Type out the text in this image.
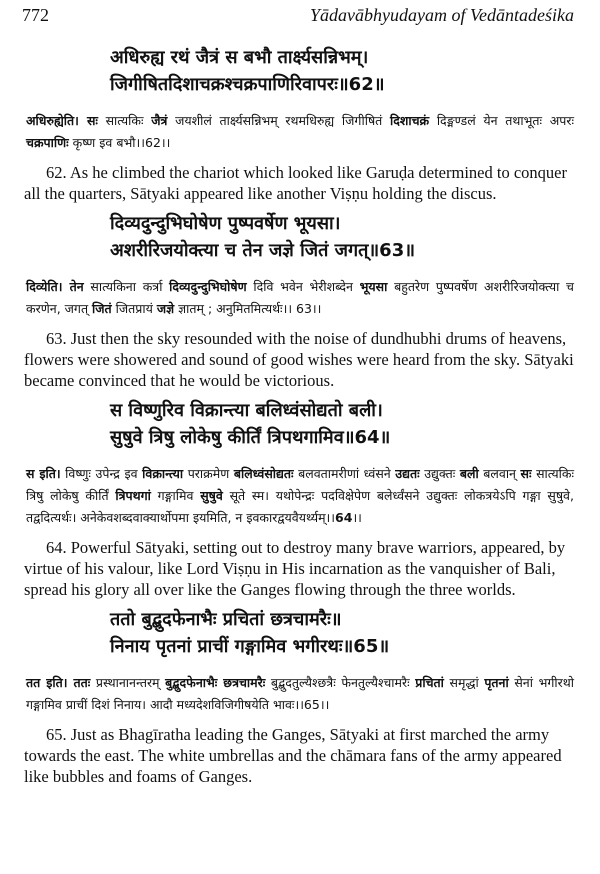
772	Yādavābhyudayam of Vedāntadeśika
अधिरुह्य रथं जैत्रं स बभौ तार्क्ष्यसन्निभम्।
जिगीषितदिशाचक्रश्चक्रपाणिरिवापरः॥62॥

अधिरुह्येति। सः सात्यकिः जैत्रं जयशीलं तार्क्ष्यसन्निभम् रथमधिरुह्य जिगीषितं दिशाचक्रं दिङ्मण्डलं येन तथाभूतः अपरः चक्रपाणिः कृष्ण इव बभौ।।62।।

62. As he climbed the chariot which looked like Garuḍa determined to conquer all the quarters, Sātyaki appeared like another Viṣṇu holding the discus.

दिव्यदुन्दुभिघोषेण पुष्पवर्षेण भूयसा।
अशरीरिजयोक्त्या च तेन जज्ञे जितं जगत्॥63॥

दिव्येति। तेन सात्यकिना कर्त्रा दिव्यदुन्दुभिघोषेण दिवि भवेन भेरीशब्देन भूयसा बहुतरेण पुष्पवर्षेण अशरीरिजयोक्त्या च करणेन, जगत् जितं जितप्रायं जज्ञे ज्ञातम् ; अनुमितमित्यर्थः।। 63।।

63. Just then the sky resounded with the noise of dundhubhi drums of heavens, flowers were showered and sound of good wishes were heard from the sky. Sātyaki became convinced that he would be victorious.

स विष्णुरिव विक्रान्त्या बलिध्वंसोद्यतो बली।
सुषुवे त्रिषु लोकेषु कीर्तिं त्रिपथगामिव॥64॥

स इति। विष्णुः उपेन्द्र इव विक्रान्त्या पराक्रमेण बलिध्वंसोद्यतः बलवतामरीणां ध्वंसने उद्यतः उद्युक्तः बली बलवान् सः सात्यकिः त्रिषु लोकेषु कीर्तिं त्रिपथगां गङ्गामिव सुषुवे सूते स्म। यथोपेन्द्रः पदविक्षेपेण बलेर्ध्वंसने उद्युक्तः लोकत्रयेऽपि गङ्गा सुषुवे, तद्वदित्यर्थः। अनेकेवशब्दवाक्यार्थोपमा इयमिति, न इवकारद्वयवैयर्थ्यम्।।64।।

64. Powerful Sātyaki, setting out to destroy many brave warriors, appeared, by virtue of his valour, like Lord Viṣṇu in His incarnation as the vanquisher of Bali, spread his glory all over like the Ganges flowing through the three worlds.

ततो बुद्बुदफेनाभैः प्रचितां छत्रचामरैः॥
निनाय पृतनां प्राचीं गङ्गामिव भगीरथः॥65॥

तत इति। ततः प्रस्थानानन्तरम् बुद्बुदफेनाभैः छत्रचामरैः बुद्बुदतुल्यैश्छत्रैः फेनतुल्यैश्चामरैः प्रचितां समृद्धां पृतनां सेनां भगीरथो गङ्गामिव प्राचीं दिशं निनाय। आदौ मध्यदेशविजिगीषयेति भावः।।65।।

65. Just as Bhagīratha leading the Ganges, Sātyaki at first marched the army towards the east. The white umbrellas and the chāmara fans of the army appeared like bubbles and foams of Ganges.
